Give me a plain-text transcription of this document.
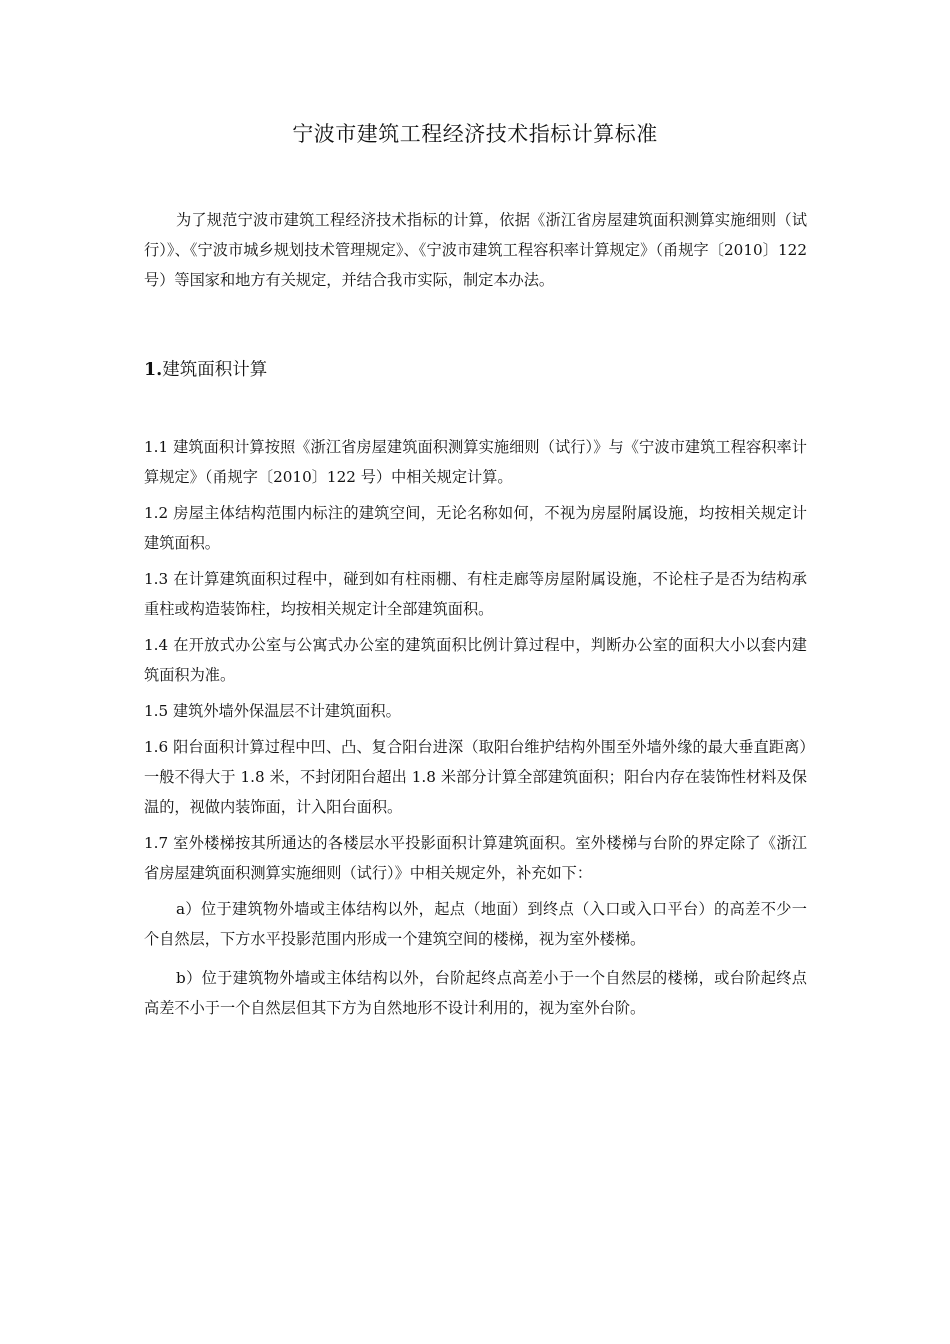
宁波市建筑工程经济技术指标计算标准
为了规范宁波市建筑工程经济技术指标的计算，依据《浙江省房屋建筑面积测算实施细则（试行）》、《宁波市城乡规划技术管理规定》、《宁波市建筑工程容积率计算规定》（甬规字〔2010〕122 号）等国家和地方有关规定，并结合我市实际，制定本办法。
1.建筑面积计算

1.1 建筑面积计算按照《浙江省房屋建筑面积测算实施细则（试行）》与《宁波市建筑工程容积率计算规定》（甬规字〔2010〕122 号）中相关规定计算。

1.2 房屋主体结构范围内标注的建筑空间，无论名称如何，不视为房屋附属设施，均按相关规定计建筑面积。

1.3 在计算建筑面积过程中，碰到如有柱雨棚、有柱走廊等房屋附属设施，不论柱子是否为结构承重柱或构造装饰柱，均按相关规定计全部建筑面积。

1.4 在开放式办公室与公寓式办公室的建筑面积比例计算过程中，判断办公室的面积大小以套内建筑面积为准。

1.5 建筑外墙外保温层不计建筑面积。

1.6 阳台面积计算过程中凹、凸、复合阳台进深（取阳台维护结构外围至外墙外缘的最大垂直距离）一般不得大于 1.8 米，不封闭阳台超出 1.8 米部分计算全部建筑面积；阳台内存在装饰性材料及保温的，视做内装饰面，计入阳台面积。

1.7 室外楼梯按其所通达的各楼层水平投影面积计算建筑面积。室外楼梯与台阶的界定除了《浙江省房屋建筑面积测算实施细则（试行）》中相关规定外，补充如下：

a）位于建筑物外墙或主体结构以外，起点（地面）到终点（入口或入口平台）的高差不少一个自然层，下方水平投影范围内形成一个建筑空间的楼梯，视为室外楼梯。

b）位于建筑物外墙或主体结构以外，台阶起终点高差小于一个自然层的楼梯，或台阶起终点高差不小于一个自然层但其下方为自然地形不设计利用的，视为室外台阶。
